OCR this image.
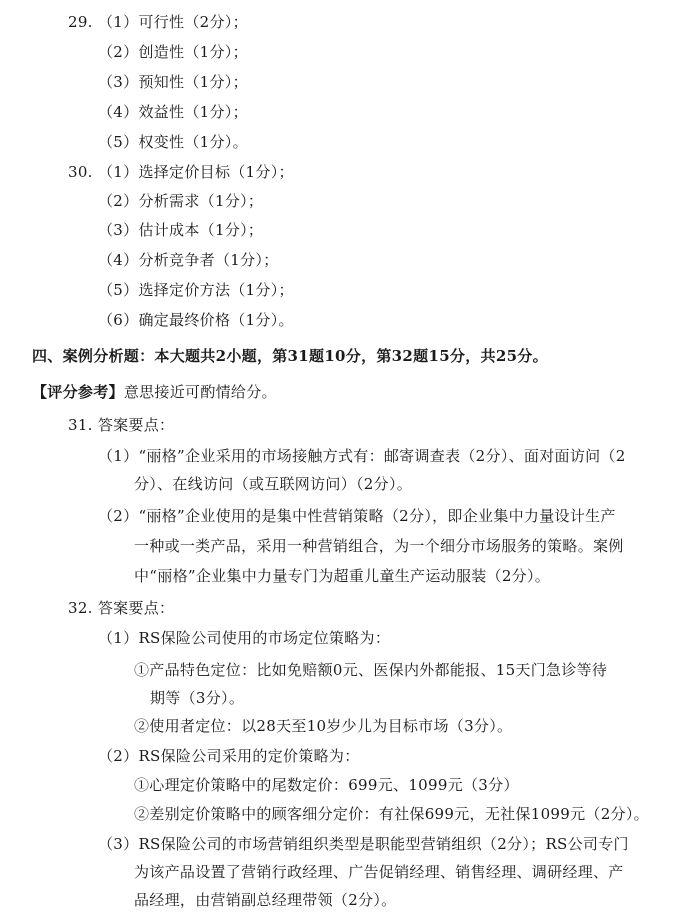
29. （1）可行性（2分）；
（2）创造性（1分）；
（3）预知性（1分）；
（4）效益性（1分）；
（5）权变性（1分）。
30. （1）选择定价目标（1分）；
（2）分析需求（1分）；
（3）估计成本（1分）；
（4）分析竞争者（1分）；
（5）选择定价方法（1分）；
（6）确定最终价格（1分）。
四、案例分析题：本大题共2小题，第31题10分，第32题15分，共25分。
【评分参考】意思接近可酌情给分。
31. 答案要点：
（1）“丽格”企业采用的市场接触方式有：邮寄调查表（2分）、面对面访问（2
分）、在线访问（或互联网访问）（2分）。
（2）“丽格”企业使用的是集中性营销策略（2分），即企业集中力量设计生产
一种或一类产品，采用一种营销组合，为一个细分市场服务的策略。案例
中“丽格”企业集中力量专门为超重儿童生产运动服装（2分）。
32. 答案要点：
（1）RS保险公司使用的市场定位策略为：
①产品特色定位：比如免赔额0元、医保内外都能报、15天门急诊等待
期等（3分）。
②使用者定位：以28天至10岁少儿为目标市场（3分）。
（2）RS保险公司采用的定价策略为：
①心理定价策略中的尾数定价：699元、1099元（3分）
②差别定价策略中的顾客细分定价：有社保699元，无社保1099元（2分）。
（3）RS保险公司的市场营销组织类型是职能型营销组织（2分）；RS公司专门
为该产品设置了营销行政经理、广告促销经理、销售经理、调研经理、产
品经理，由营销副总经理带领（2分）。
